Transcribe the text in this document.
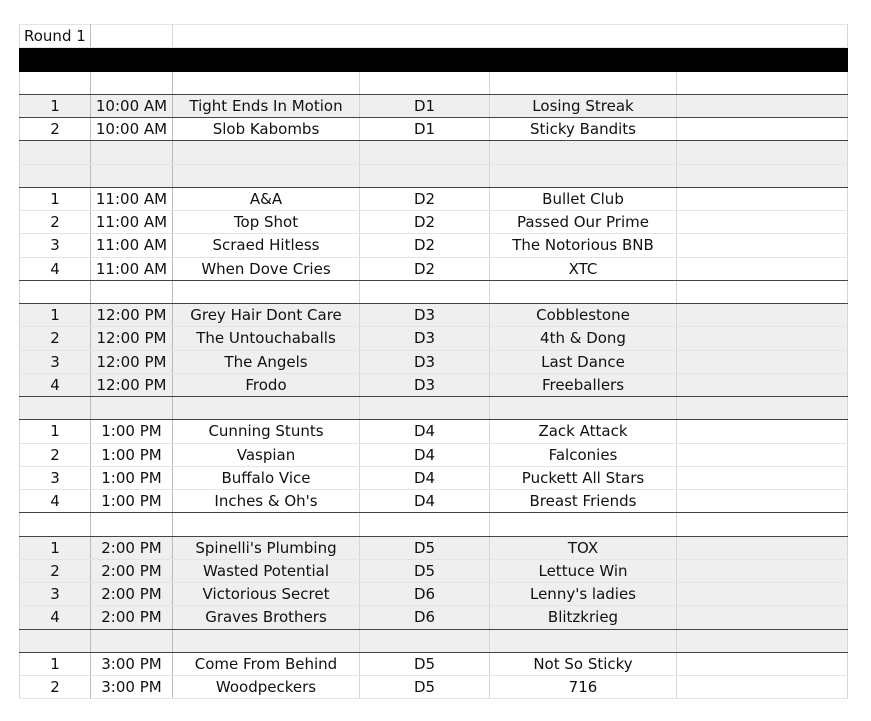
Round 1					

1	10:00 AM	Tight Ends In Motion	D1	Losing Streak	
2	10:00 AM	Slob Kabombs	D1	Sticky Bandits	

1	11:00 AM	A&A	D2	Bullet Club	
2	11:00 AM	Top Shot	D2	Passed Our Prime	
3	11:00 AM	Scraed Hitless	D2	The Notorious BNB	
4	11:00 AM	When Dove Cries	D2	XTC	

1	12:00 PM	Grey Hair Dont Care	D3	Cobblestone	
2	12:00 PM	The Untouchaballs	D3	4th & Dong	
3	12:00 PM	The Angels	D3	Last Dance	
4	12:00 PM	Frodo	D3	Freeballers	

1	1:00 PM	Cunning Stunts	D4	Zack Attack	
2	1:00 PM	Vaspian	D4	Falconies	
3	1:00 PM	Buffalo Vice	D4	Puckett All Stars	
4	1:00 PM	Inches & Oh's	D4	Breast Friends	

1	2:00 PM	Spinelli's Plumbing	D5	TOX	
2	2:00 PM	Wasted Potential	D5	Lettuce Win	
3	2:00 PM	Victorious Secret	D6	Lenny's ladies	
4	2:00 PM	Graves Brothers	D6	Blitzkrieg	

1	3:00 PM	Come From Behind	D5	Not So Sticky	
2	3:00 PM	Woodpeckers	D5	716	
